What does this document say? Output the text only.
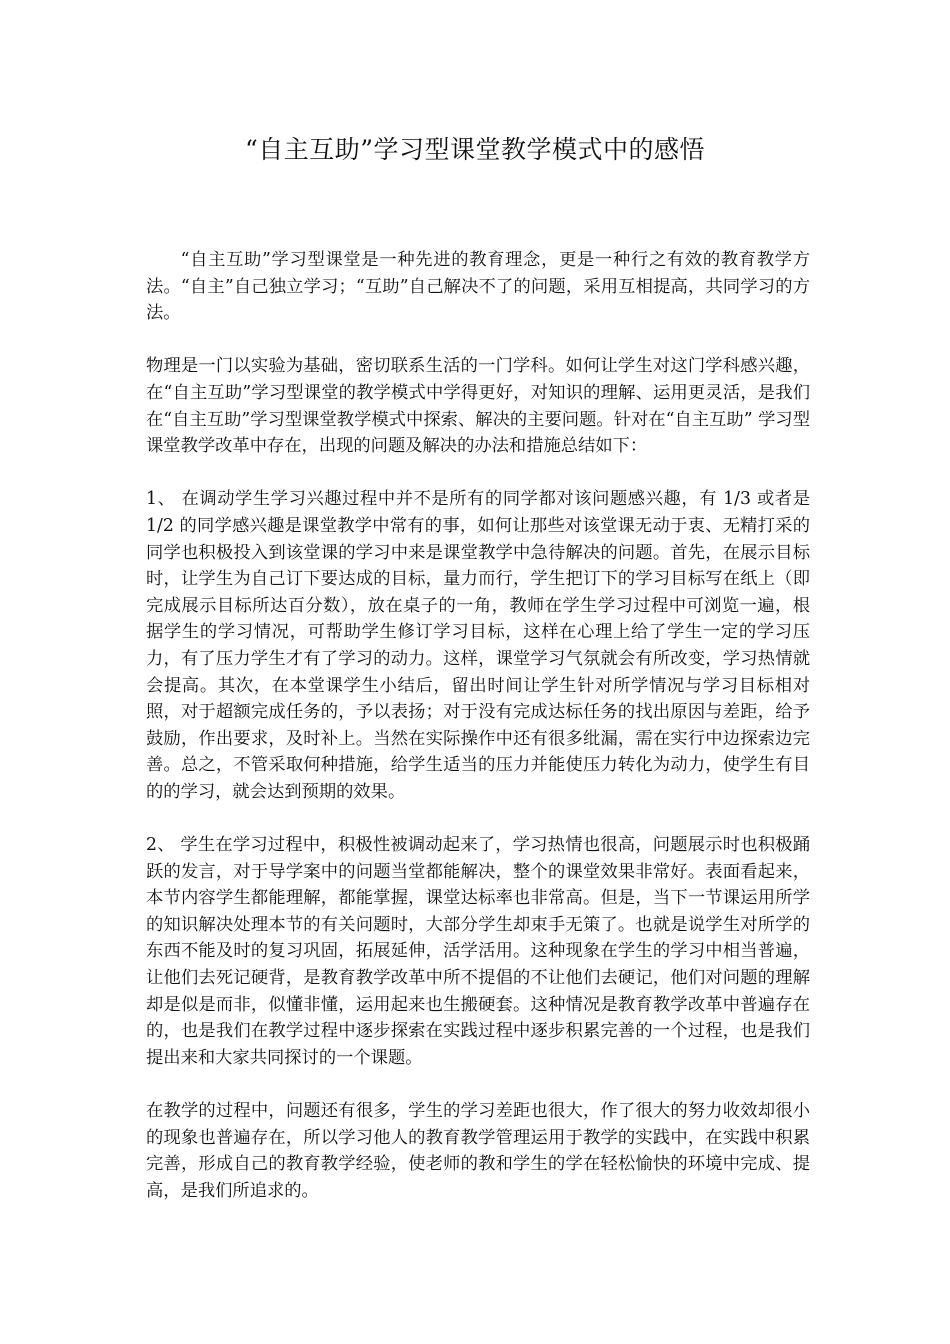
“自主互助”学习型课堂教学模式中的感悟

“自主互助”学习型课堂是一种先进的教育理念，更是一种行之有效的教育教学方法。“自主”自己独立学习；“互助”自己解决不了的问题，采用互相提高，共同学习的方法。

物理是一门以实验为基础，密切联系生活的一门学科。如何让学生对这门学科感兴趣，在“自主互助”学习型课堂的教学模式中学得更好，对知识的理解、运用更灵活，是我们在“自主互助”学习型课堂教学模式中探索、解决的主要问题。针对在“自主互助” 学习型课堂教学改革中存在，出现的问题及解决的办法和措施总结如下：

1、 在调动学生学习兴趣过程中并不是所有的同学都对该问题感兴趣，有 1/3 或者是 1/2 的同学感兴趣是课堂教学中常有的事，如何让那些对该堂课无动于衷、无精打采的同学也积极投入到该堂课的学习中来是课堂教学中急待解决的问题。首先，在展示目标时，让学生为自己订下要达成的目标，量力而行，学生把订下的学习目标写在纸上（即完成展示目标所达百分数），放在桌子的一角，教师在学生学习过程中可浏览一遍，根据学生的学习情况，可帮助学生修订学习目标，这样在心理上给了学生一定的学习压力，有了压力学生才有了学习的动力。这样，课堂学习气氛就会有所改变，学习热情就会提高。其次，在本堂课学生小结后，留出时间让学生针对所学情况与学习目标相对照，对于超额完成任务的，予以表扬；对于没有完成达标任务的找出原因与差距，给予鼓励，作出要求，及时补上。当然在实际操作中还有很多纰漏，需在实行中边探索边完善。总之，不管采取何种措施，给学生适当的压力并能使压力转化为动力，使学生有目的的学习，就会达到预期的效果。

2、 学生在学习过程中，积极性被调动起来了，学习热情也很高，问题展示时也积极踊跃的发言，对于导学案中的问题当堂都能解决，整个的课堂效果非常好。表面看起来，本节内容学生都能理解，都能掌握，课堂达标率也非常高。但是，当下一节课运用所学的知识解决处理本节的有关问题时，大部分学生却束手无策了。也就是说学生对所学的东西不能及时的复习巩固，拓展延伸，活学活用。这种现象在学生的学习中相当普遍，让他们去死记硬背，是教育教学改革中所不提倡的不让他们去硬记，他们对问题的理解却是似是而非，似懂非懂，运用起来也生搬硬套。这种情况是教育教学改革中普遍存在的，也是我们在教学过程中逐步探索在实践过程中逐步积累完善的一个过程，也是我们提出来和大家共同探讨的一个课题。

在教学的过程中，问题还有很多，学生的学习差距也很大，作了很大的努力收效却很小的现象也普遍存在，所以学习他人的教育教学管理运用于教学的实践中，在实践中积累完善，形成自己的教育教学经验，使老师的教和学生的学在轻松愉快的环境中完成、提高，是我们所追求的。
